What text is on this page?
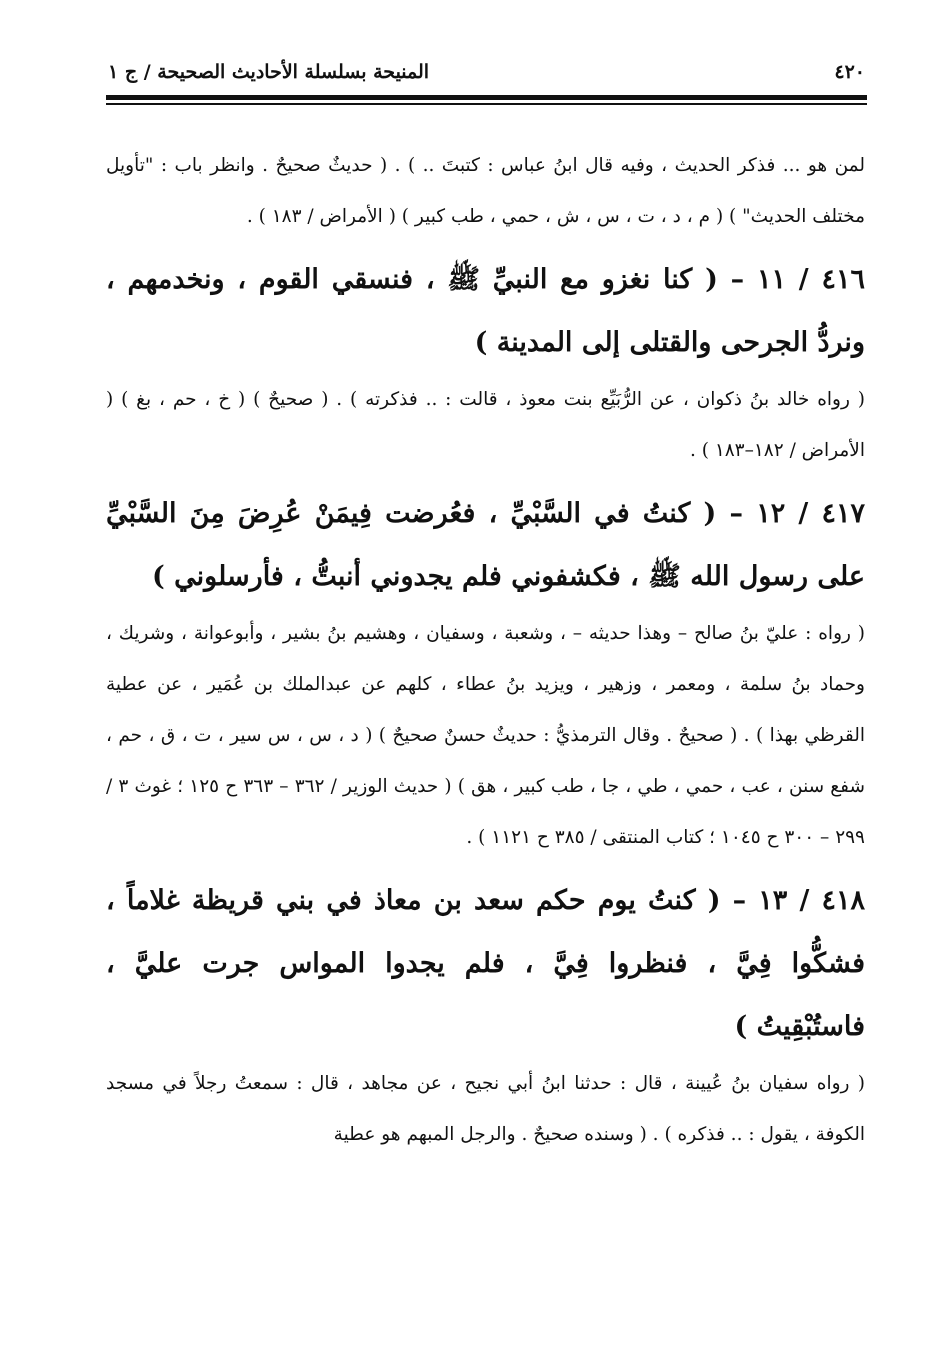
٤٢٠
المنيحة بسلسلة الأحاديث الصحيحة / ج ١

لمن هو ... فذكر الحديث ، وفيه قال ابنُ عباس : كتبتَ .. ) . ( حديثٌ صحيحٌ . وانظر باب : "تأويل مختلف الحديث" ) ( م ، د ، ت ، س ، ش ، حمي ، طب كبير ) ( الأمراض / ١٨٣ ) .

٤١٦ / ١١ – ( كنا نغزو مع النبيِّ ﷺ ، فنسقي القوم ، ونخدمهم ، ونردُّ الجرحى والقتلى إلى المدينة )

( رواه خالد بنُ ذكوان ، عن الرُّبَيِّع بنت معوذ ، قالت : .. فذكرته ) . ( صحيحٌ ) ( خ ، حم ، بغ ) ( الأمراض / ١٨٢–١٨٣ ) .

٤١٧ / ١٢ – ( كنتُ في السَّبْيِّ ، فعُرضت فِيمَنْ عُرِضَ مِنَ السَّبْيِّ على رسول الله ﷺ ، فكشفوني فلم يجدوني أنبتُّ ، فأرسلوني )

( رواه : عليّ بنُ صالح – وهذا حديثه – ، وشعبة ، وسفيان ، وهشيم بنُ بشير ، وأبوعوانة ، وشريك ، وحماد بنُ سلمة ، ومعمر ، وزهير ، ويزيد بنُ عطاء ، كلهم عن عبدالملك بن عُمَير ، عن عطية القرظي بهذا ) . ( صحيحٌ . وقال الترمذيُّ : حديثٌ حسنٌ صحيحٌ ) ( د ، س ، س سير ، ت ، ق ، حم ، شفع سنن ، عب ، حمي ، طي ، جا ، طب كبير ، هق ) ( حديث الوزير / ٣٦٢ – ٣٦٣ ح ١٢٥ ؛ غوث ٣ / ٢٩٩ – ٣٠٠ ح ١٠٤٥ ؛ كتاب المنتقى / ٣٨٥ ح ١١٢١ ) .

٤١٨ / ١٣ – ( كنتُ يوم حكم سعد بن معاذ في بني قريظة غلاماً ، فشكُّوا فِيَّ ، فنظروا فِيَّ ، فلم يجدوا المواس جرت عليَّ ، فاستُبْقِيتُ )

( رواه سفيان بنُ عُيينة ، قال : حدثنا ابنُ أبي نجيح ، عن مجاهد ، قال : سمعتُ رجلاً في مسجد الكوفة ، يقول : .. فذكره ) . ( وسنده صحيحٌ . والرجل المبهم هو عطية
